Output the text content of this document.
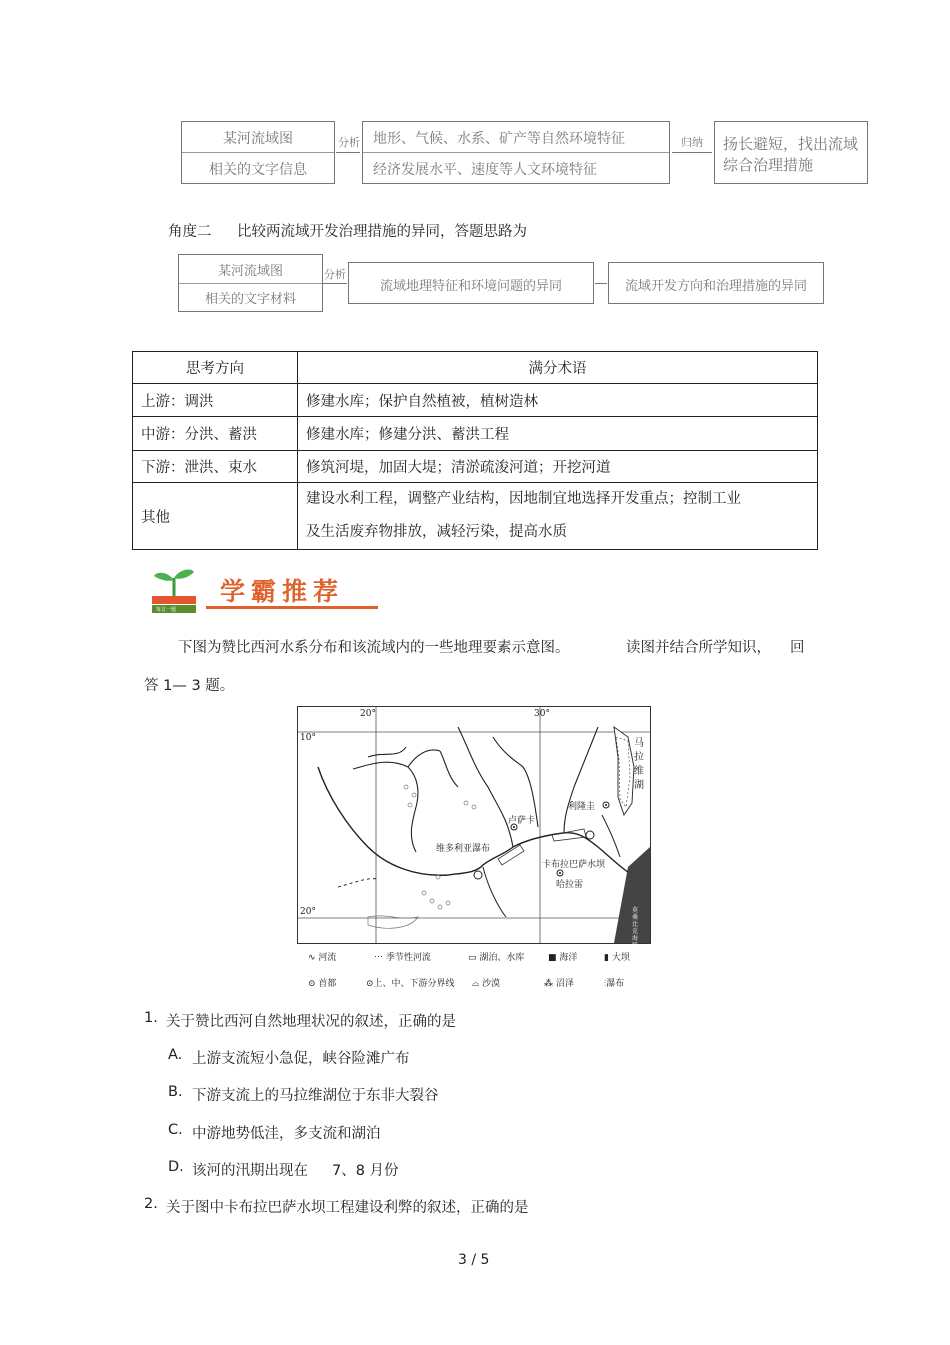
某河流域图
相关的文字信息
分析 地形、气候、水系、矿产等自然环境特征
经济发展水平、速度等人文环境特征
归纳 扬长避短，找出流域
综合治理措施
角度二 比较两流域开发治理措施的异同，答题思路为
某河流域图
相关的文字材料
分析
流域地理特征和环境问题的异同	流域开发方向和治理措施的异同
思考方向	满分术语
上游：调洪	修建水库；保护自然植被，植树造林
中游：分洪、蓄洪	修建水库；修建分洪、蓄洪工程
下游：泄洪、束水	修筑河堤，加固大堤；清淤疏浚河道；开挖河道
其他	建设水利工程，调整产业结构，因地制宜地选择开发重点；控制工业
及生活废弃物排放，减轻污染，提高水质
每日一题
学霸推荐
下图为赞比西河水系分布和该流域内的一些地理要素示意图。	读图并结合所学知识， 回
答 1— 3 题。
20°	30°
10°
20°
马拉维湖
利隆圭
卢萨卡
维多利亚瀑布
卡布拉巴萨水坝
哈拉雷
莫桑比克海峡
∿ 河流	⋯ 季节性河流	▭ 湖泊、水库	■ 海洋	▮ 大坝
⊙ 首都	⊙上、中、下游分界线 ⌓ 沙漠	⁂ 沼泽	⫶瀑布
1. 关于赞比西河自然地理状况的叙述，正确的是
A. 上游支流短小急促，峡谷险滩广布
B. 下游支流上的马拉维湖位于东非大裂谷
C. 中游地势低洼，多支流和湖泊
D. 该河的汛期出现在 7、8 月份
2. 关于图中卡布拉巴萨水坝工程建设利弊的叙述，正确的是
3 / 5
